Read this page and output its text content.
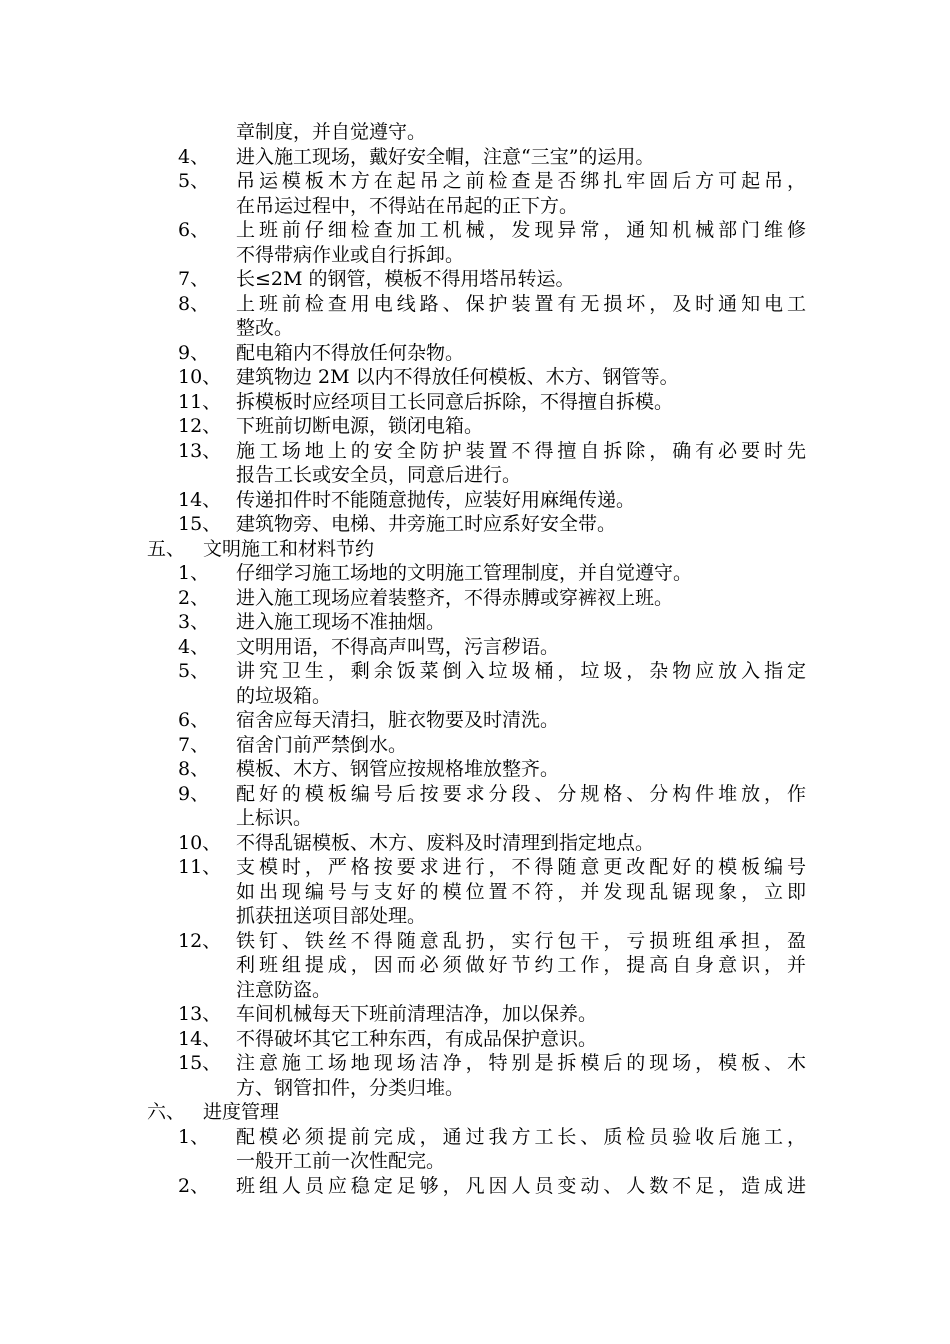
章制度，并自觉遵守。
4、 进入施工现场，戴好安全帽，注意“三宝”的运用。
5、 吊运模板木方在起吊之前检查是否绑扎牢固后方可起吊，
在吊运过程中，不得站在吊起的正下方。
6、 上班前仔细检查加工机械，发现异常，通知机械部门维修
不得带病作业或自行拆卸。
7、 长≤2M 的钢管，模板不得用塔吊转运。
8、 上班前检查用电线路、保护装置有无损坏，及时通知电工
整改。
9、 配电箱内不得放任何杂物。
10、 建筑物边 2M 以内不得放任何模板、木方、钢管等。
11、 拆模板时应经项目工长同意后拆除，不得擅自拆模。
12、 下班前切断电源，锁闭电箱。
13、 施工场地上的安全防护装置不得擅自拆除，确有必要时先
报告工长或安全员，同意后进行。
14、 传递扣件时不能随意抛传，应装好用麻绳传递。
15、 建筑物旁、电梯、井旁施工时应系好安全带。
五、 文明施工和材料节约
1、 仔细学习施工场地的文明施工管理制度，并自觉遵守。
2、 进入施工现场应着装整齐，不得赤膊或穿裤衩上班。
3、 进入施工现场不准抽烟。
4、 文明用语，不得高声叫骂，污言秽语。
5、 讲究卫生，剩余饭菜倒入垃圾桶，垃圾，杂物应放入指定
的垃圾箱。
6、 宿舍应每天清扫，脏衣物要及时清洗。
7、 宿舍门前严禁倒水。
8、 模板、木方、钢管应按规格堆放整齐。
9、 配好的模板编号后按要求分段、分规格、分构件堆放，作
上标识。
10、 不得乱锯模板、木方、废料及时清理到指定地点。
11、 支模时，严格按要求进行，不得随意更改配好的模板编号
如出现编号与支好的模位置不符，并发现乱锯现象，立即
抓获扭送项目部处理。
12、 铁钉、铁丝不得随意乱扔，实行包干，亏损班组承担，盈
利班组提成，因而必须做好节约工作，提高自身意识，并
注意防盗。
13、 车间机械每天下班前清理洁净，加以保养。
14、 不得破坏其它工种东西，有成品保护意识。
15、 注意施工场地现场洁净，特别是拆模后的现场，模板、木
方、钢管扣件，分类归堆。
六、 进度管理
1、 配模必须提前完成，通过我方工长、质检员验收后施工，
一般开工前一次性配完。
2、 班组人员应稳定足够，凡因人员变动、人数不足，造成进
